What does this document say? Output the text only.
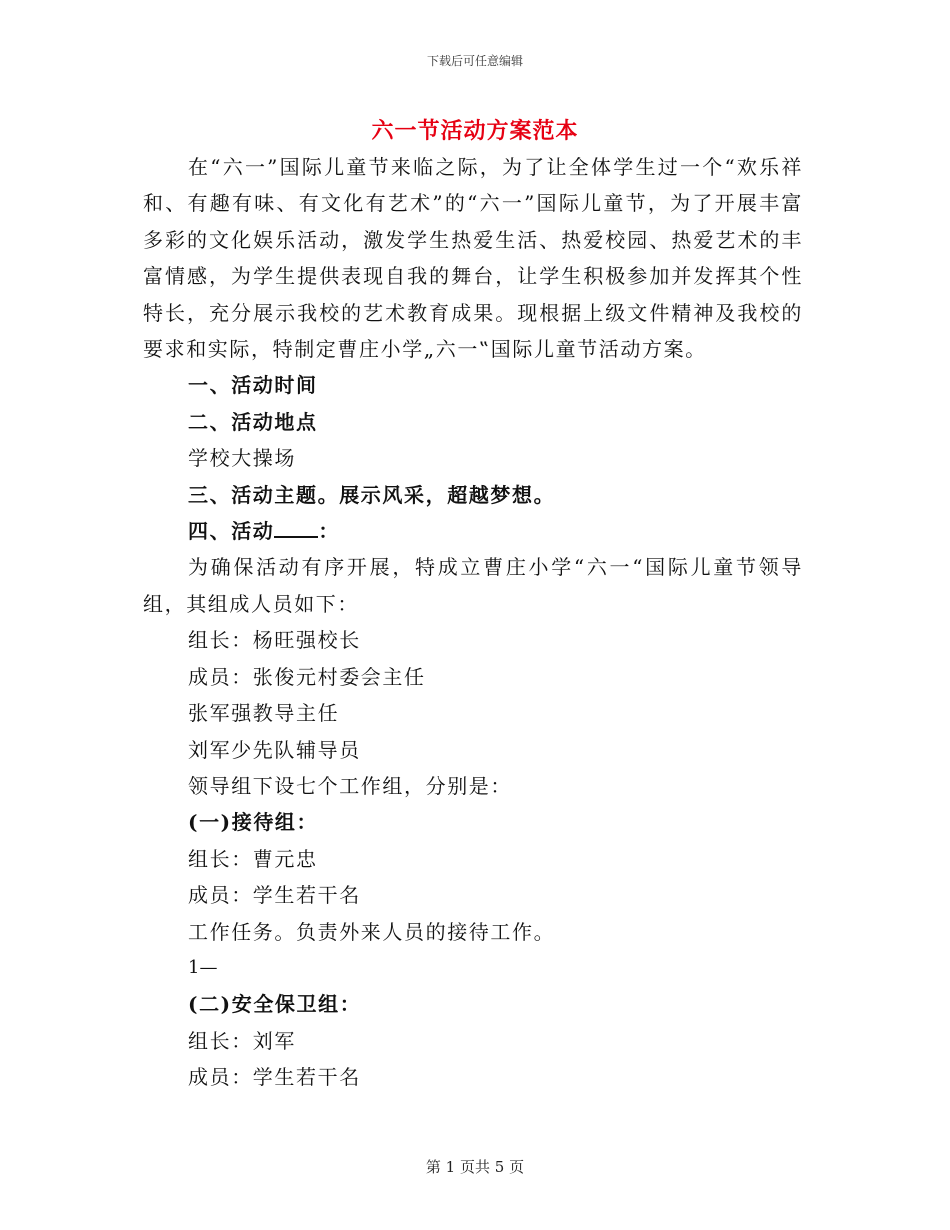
下载后可任意编辑
六一节活动方案范本

在“六一”国际儿童节来临之际，为了让全体学生过一个“欢乐祥和、有趣有味、有文化有艺术”的“六一”国际儿童节，为了开展丰富多彩的文化娱乐活动，激发学生热爱生活、热爱校园、热爱艺术的丰富情感，为学生提供表现自我的舞台，让学生积极参加并发挥其个性特长，充分展示我校的艺术教育成果。现根据上级文件精神及我校的要求和实际，特制定曹庄小学„六一‟国际儿童节活动方案。

一、活动时间

二、活动地点

学校大操场

三、活动主题。展示风采，超越梦想。

四、活动 ：

为确保活动有序开展，特成立曹庄小学“六一“国际儿童节领导组，其组成人员如下：

组长：杨旺强校长

成员：张俊元村委会主任

张军强教导主任

刘军少先队辅导员

领导组下设七个工作组，分别是：

(一)接待组：

组长：曹元忠

成员：学生若干名

工作任务。负责外来人员的接待工作。

1—

(二)安全保卫组：

组长：刘军

成员：学生若干名

第 1 页共 5 页
